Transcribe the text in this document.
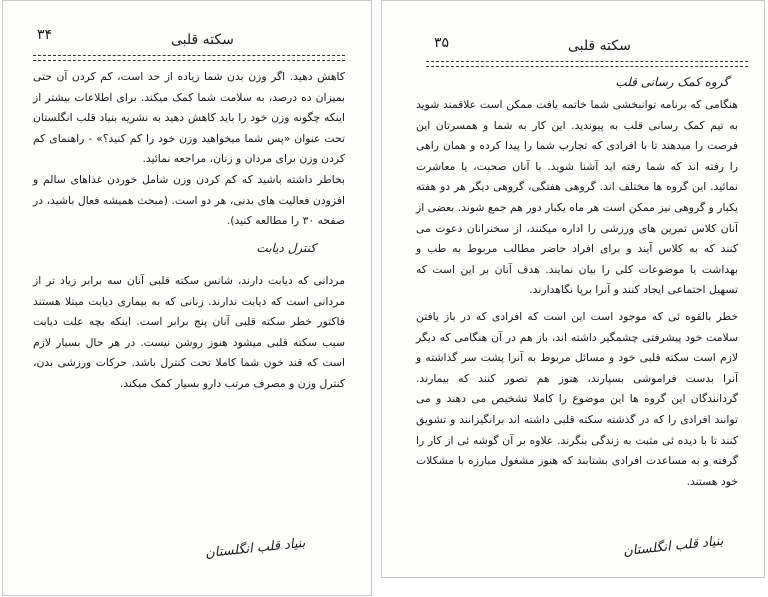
۳۴	سکته قلبی

کاهش دهید. اگر وزن بدن شما زیاده از حد است، کم کردن آن حتی بمیزان ده درصد، به سلامت شما کمک میکند. برای اطلاعات بیشتر از اینکه چگونه وزن خود را باید کاهش دهید به نشریه بنیاد قلب انگلستان تحت عنوان «پس شما میخواهید وزن خود را کم کنید؟» - راهنمای کم کردن وزن برای مردان و زنان، مراجعه نمائید.

بخاطر داشته باشید که کم کردن وزن شامل خوردن غذاهای سالم و افزودن فعالیت های بدنی، هر دو است. (مبحث همیشه فعال باشید، در صفحه ۳۰ را مطالعه کنید).

کنترل دیابت

مردانی که دیابت دارند، شانس سکته قلبی آنان سه برابر زیاد تر از مردانی است که دیابت ندارند. زنانی که به بیماری دیابت مبتلا هستند فاکتور خطر سکته قلبی آنان پنج برابر است. اینکه بچه علت دیابت سبب سکته قلبی میشود هنوز روشن نیست. در هر حال بسیار لازم است که قند خون شما کاملا تحت کنترل باشد. حرکات ورزشی بدن، کنترل وزن و مصرف مرتب دارو بسیار کمک میکند.

بنیاد قلب انگلستان
۳۵	سکته قلبی
گروه کمک رسانی قلب

هنگامی که برنامه توانبخشی شما خاتمه یافت ممکن است علاقمند شوید به تیم کمک رسانی قلب به پیوندید. این کار به شما و همسرتان این فرصت را میدهند تا با افرادی که تجارب شما را پیدا کرده و همان راهی را رفته اند که شما رفته اید آشنا شوید. با آنان صحبت، یا معاشرت نمائید. این گروه ها مختلف اند. گروهی هفتگی، گروهی دیگر هر دو هفته یکبار و گروهی نیز ممکن است هر ماه یکبار دور هم جمع شوند. بعضی از آنان کلاس تمرین های ورزشی را اداره میکنند، از سخنرانان دعوت می کنند که به کلاس آیند و برای افراد حاضر مطالب مربوط به طب و بهداشت یا موضوعات کلی را بیان نمایند. هدف آنان بر این است که تسهیل اجتماعی ایجاد کنند و آنرا برپا نگاهدارند.

خطر بالقوه ئی که موجود است این است که افرادی که در باز یافتن سلامت خود پیشرفتی چشمگیر داشته اند، باز هم در آن هنگامی که دیگر لازم است سکته قلبی خود و مسائل مربوط به آنرا پشت سر گذاشته و آنرا بدست فراموشی بسپارند، هنوز هم تصور کنند که بیمارند. گردانندگان این گروه ها این موضوع را کاملا تشخیص می دهند و می توانند افرادی را که در گذشته سکته قلبی داشته اند برانگیزانند و تشویق کنند تا با دیده ئی مثبت به زندگی بنگرند. علاوه بر آن گوشه ئی از کار را گرفته و به مساعدت افرادی بشتابند که هنوز مشغول مبارزه با مشکلات خود هستند.

بنیاد قلب انگلستان
